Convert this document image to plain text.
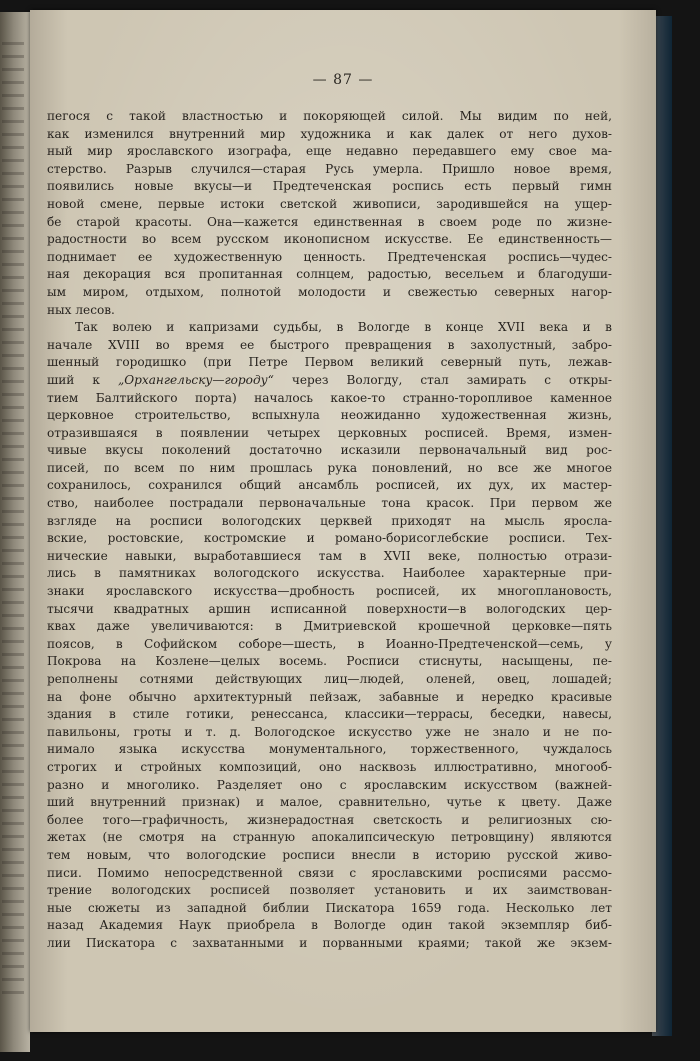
— 87 —
пегося с такой властностью и покоряющей силой. Мы видим по ней,
как изменился внутренний мир художника и как далек от него духов-
ный мир ярославского изографа, еще недавно передавшего ему свое ма-
стерство. Разрыв случился—старая Русь умерла. Пришло новое время,
появились новые вкусы—и Предтеченская роспись есть первый гимн
новой смене, первые истоки светской живописи, зародившейся на ущер-
бе старой красоты. Она—кажется единственная в своем роде по жизне-
радостности во всем русском иконописном искусстве. Ее единственность—
поднимает ее художественную ценность. Предтеченская роспись—чудес-
ная декорация вся пропитанная солнцем, радостью, весельем и благодуши-
ым миром, отдыхом, полнотой молодости и свежестью северных нагор-
ных лесов.
Так волею и капризами судьбы, в Вологде в конце XVII века и в
начале XVIII во время ее быстрого превращения в захолустный, забро-
шенный городишко (при Петре Первом великий северный путь, лежав-
ший к „Орхангельску—городу“ через Вологду, стал замирать с откры-
тием Балтийского порта) началось какое-то странно-торопливое каменное
церковное строительство, вспыхнула неожиданно художественная жизнь,
отразившаяся в появлении четырех церковных росписей. Время, измен-
чивые вкусы поколений достаточно исказили первоначальный вид рос-
писей, по всем по ним прошлась рука поновлений, но все же многое
сохранилось, сохранился общий ансамбль росписей, их дух, их мастер-
ство, наиболее пострадали первоначальные тона красок. При первом же
взгляде на росписи вологодских церквей приходят на мысль яросла-
вские, ростовские, костромские и романо-борисоглебские росписи. Тех-
нические навыки, выработавшиеся там в XVII веке, полностью отрази-
лись в памятниках вологодского искусства. Наиболее характерные при-
знаки ярославского искусства—дробность росписей, их многоплановость,
тысячи квадратных аршин исписанной поверхности—в вологодских цер-
квах даже увеличиваются: в Дмитриевской крошечной церковке—пять
поясов, в Софийском соборе—шесть, в Иоанно-Предтеченской—семь, у
Покрова на Козлене—целых восемь. Росписи стиснуты, насыщены, пе-
реполнены сотнями действующих лиц—людей, оленей, овец, лошадей;
на фоне обычно архитектурный пейзаж, забавные и нередко красивые
здания в стиле готики, ренессанса, классики—террасы, беседки, навесы,
павильоны, гроты и т. д. Вологодское искусство уже не знало и не по-
нимало языка искусства монументального, торжественного, чуждалось
строгих и стройных композиций, оно насквозь иллюстративно, многооб-
разно и многолико. Разделяет оно с ярославским искусством (важней-
ший внутренний признак) и малое, сравнительно, чутье к цвету. Даже
более того—графичность, жизнерадостная светскость и религиозных сю-
жетах (не смотря на странную апокалипсическую петровщину) являются
тем новым, что вологодские росписи внесли в историю русской живо-
писи. Помимо непосредственной связи с ярославскими росписями рассмо-
трение вологодских росписей позволяет установить и их заимствован-
ные сюжеты из западной библии Пискатора 1659 года. Несколько лет
назад Академия Наук приобрела в Вологде один такой экземпляр биб-
лии Пискатора с захватанными и порванными краями; такой же экзем-
